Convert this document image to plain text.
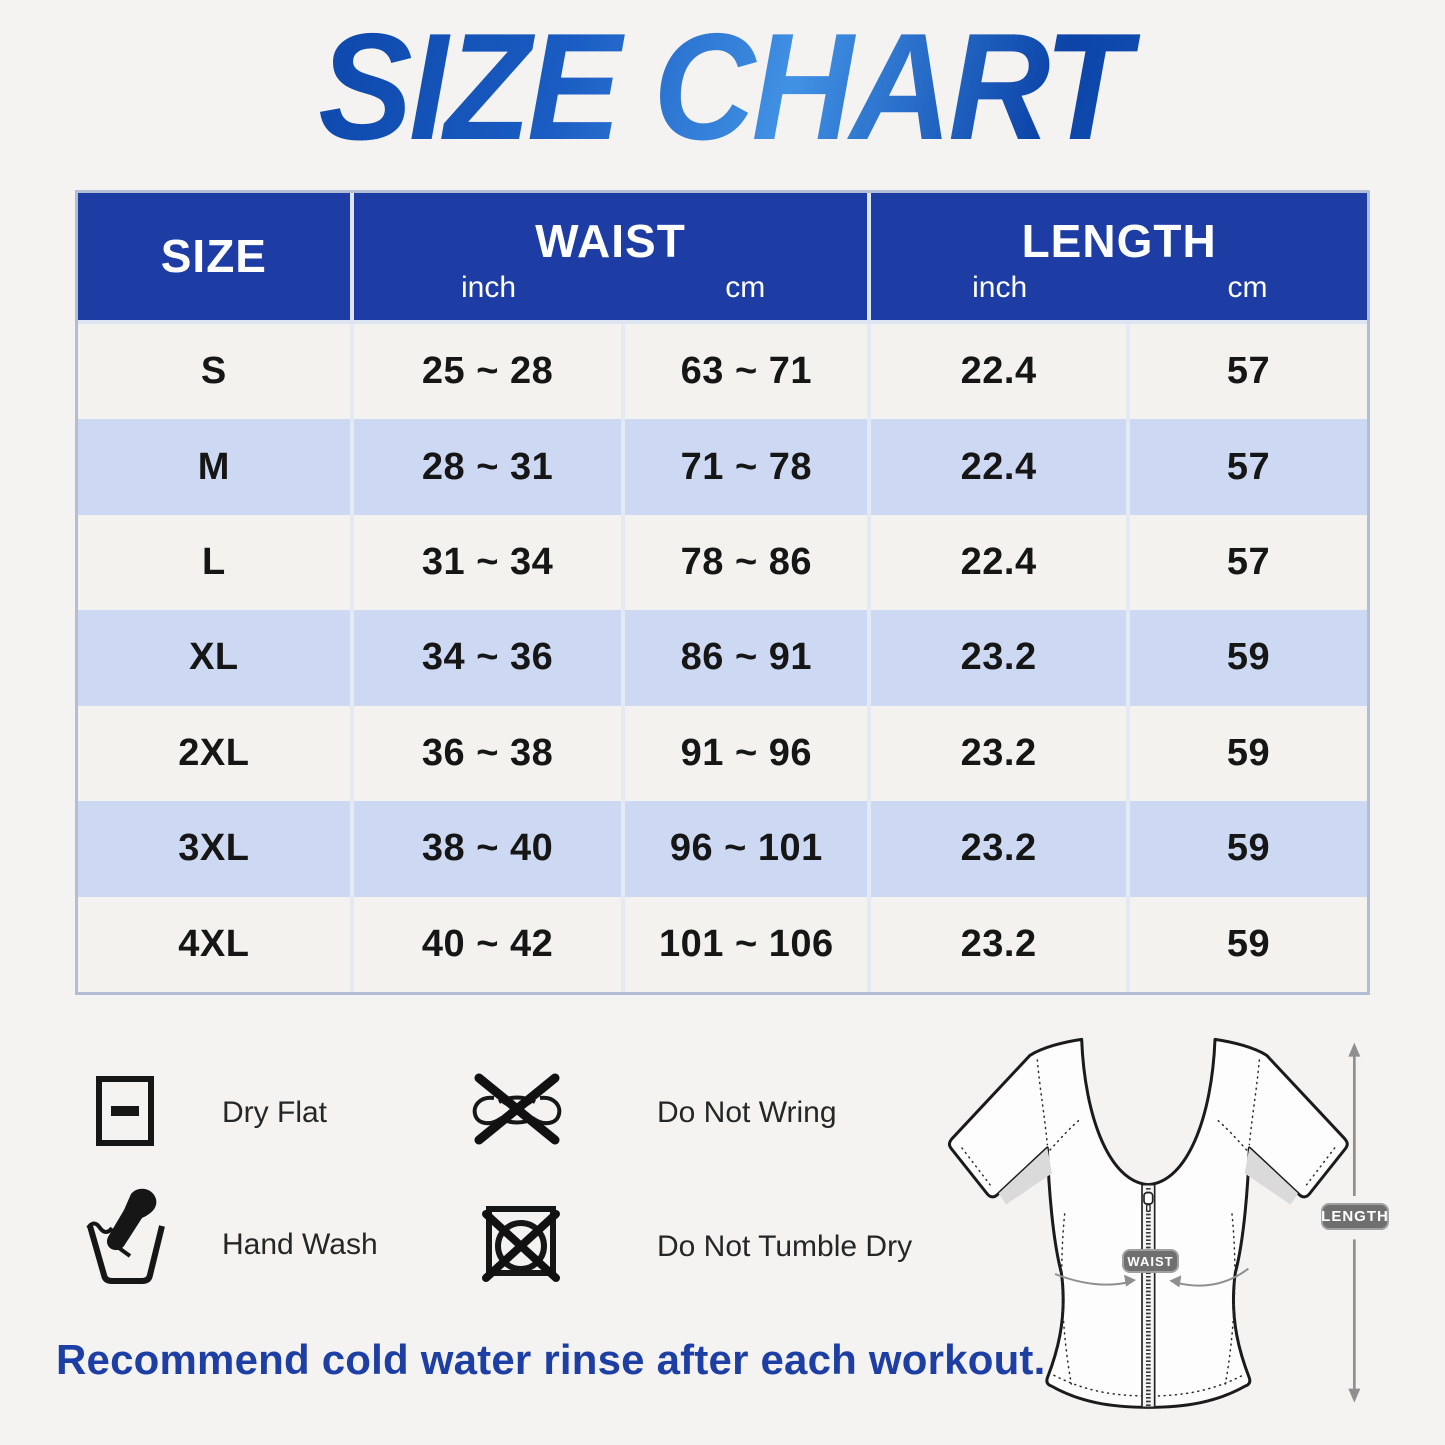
SIZE CHART
SIZE	WAIST
inch	cm
LENGTH
inch	cm
S	25 ~ 28	63 ~ 71	22.4	57
M	28 ~ 31	71 ~ 78	22.4	57
L	31 ~ 34	78 ~ 86	22.4	57
XL	34 ~ 36	86 ~ 91	23.2	59
2XL	36 ~ 38	91 ~ 96	23.2	59
3XL	38 ~ 40	96 ~ 101	23.2	59
4XL	40 ~ 42	101 ~ 106	23.2	59
Dry Flat	Do Not Wring
Hand Wash	Do Not Tumble Dry
LENGTH
WAIST
Recommend cold water rinse after each workout.
